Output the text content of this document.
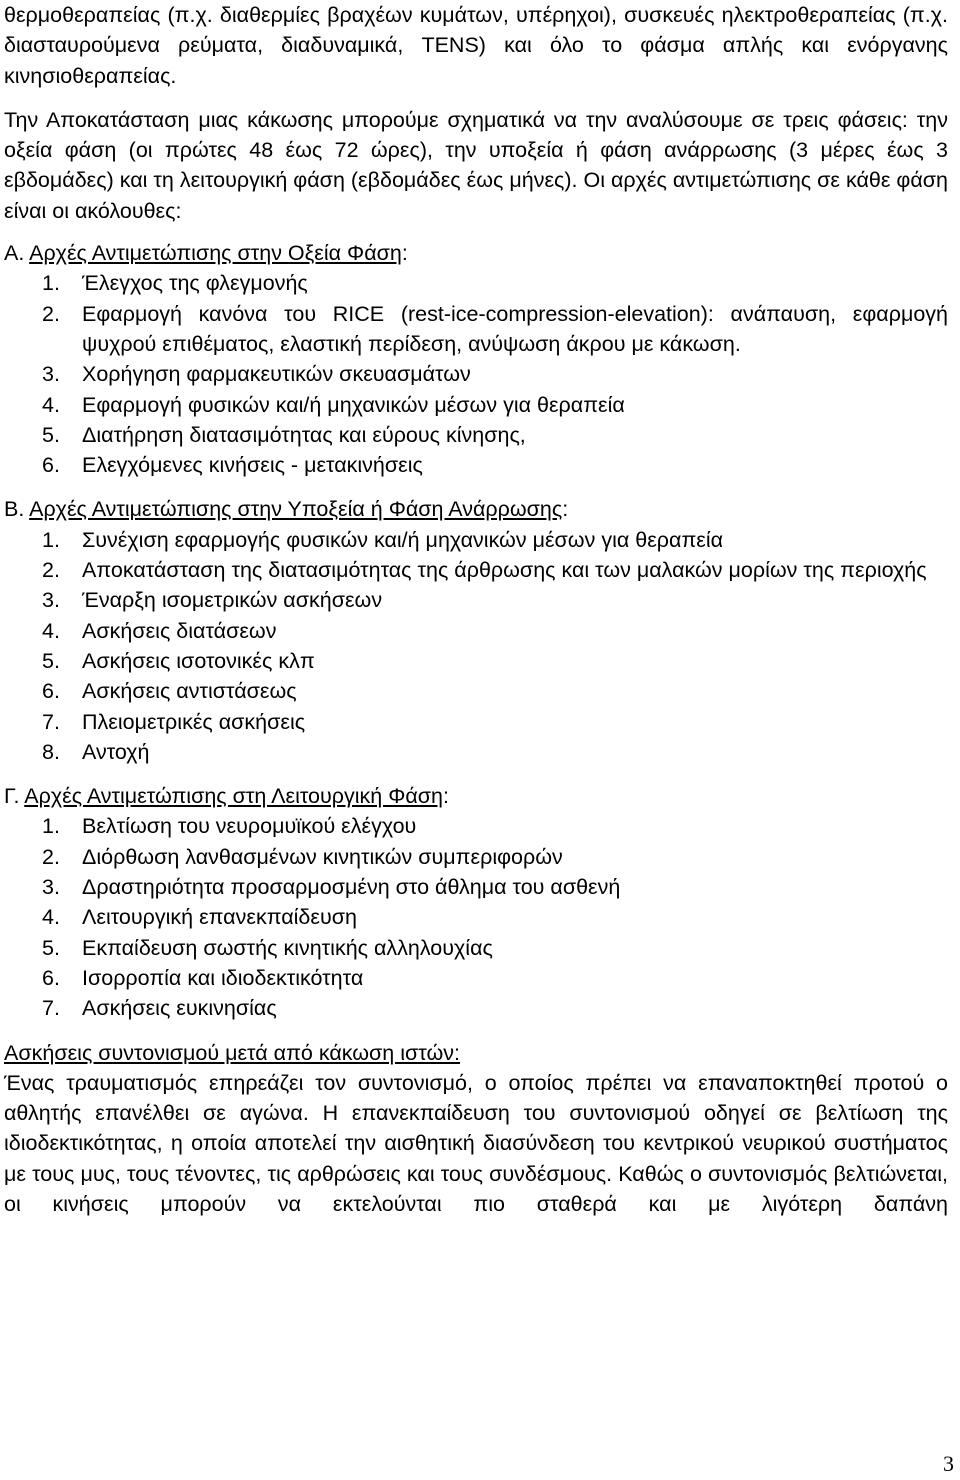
θερμοθεραπείας (π.χ. διαθερμίες βραχέων κυμάτων, υπέρηχοι), συσκευές ηλεκτροθεραπείας (π.χ. διασταυρούμενα ρεύματα, διαδυναμικά, TENS) και όλο το φάσμα απλής και ενόργανης κινησιοθεραπείας.

Την Αποκατάσταση μιας κάκωσης μπορούμε σχηματικά να την αναλύσουμε σε τρεις φάσεις: την οξεία φάση (οι πρώτες 48 έως 72 ώρες), την υποξεία ή φάση ανάρρωσης (3 μέρες έως 3 εβδομάδες) και τη λειτουργική φάση (εβδομάδες έως μήνες). Οι αρχές αντιμετώπισης σε κάθε φάση είναι οι ακόλουθες:

Α. Αρχές Αντιμετώπισης στην Οξεία Φάση:

1.	Έλεγχος της φλεγμονής
2.	Εφαρμογή κανόνα του RICE (rest-ice-compression-elevation): ανάπαυση, εφαρμογή ψυχρού επιθέματος, ελαστική περίδεση, ανύψωση άκρου με κάκωση.
3.	Χορήγηση φαρμακευτικών σκευασμάτων
4.	Εφαρμογή φυσικών και/ή μηχανικών μέσων για θεραπεία
5.	Διατήρηση διατασιμότητας και εύρους κίνησης,
6.	Ελεγχόμενες κινήσεις - μετακινήσεις

Β. Αρχές Αντιμετώπισης στην Υποξεία ή Φάση Ανάρρωσης:

1.	Συνέχιση εφαρμογής φυσικών και/ή μηχανικών μέσων για θεραπεία
2.	Αποκατάσταση της διατασιμότητας της άρθρωσης και των μαλακών μορίων της περιοχής
3.	Έναρξη ισομετρικών ασκήσεων
4.	Ασκήσεις διατάσεων
5.	Ασκήσεις ισοτονικές κλπ
6.	Ασκήσεις αντιστάσεως
7.	Πλειομετρικές ασκήσεις
8.	Αντοχή

Γ. Αρχές Αντιμετώπισης στη Λειτουργική Φάση:

1.	Βελτίωση του νευρομυϊκού ελέγχου
2.	Διόρθωση λανθασμένων κινητικών συμπεριφορών
3.	Δραστηριότητα προσαρμοσμένη στο άθλημα του ασθενή
4.	Λειτουργική επανεκπαίδευση
5.	Εκπαίδευση σωστής κινητικής αλληλουχίας
6.	Ισορροπία και ιδιοδεκτικότητα
7.	Ασκήσεις ευκινησίας

Ασκήσεις συντονισμού μετά από κάκωση ιστών:

Ένας τραυματισμός επηρεάζει τον συντονισμό, ο οποίος πρέπει να επαναποκτηθεί προτού ο αθλητής επανέλθει σε αγώνα. Η επανεκπαίδευση του συντονισμού οδηγεί σε βελτίωση της ιδιοδεκτικότητας, η οποία αποτελεί την αισθητική διασύνδεση του κεντρικού νευρικού συστήματος με τους μυς, τους τένοντες, τις αρθρώσεις και τους συνδέσμους. Καθώς ο συντονισμός βελτιώνεται, οι κινήσεις μπορούν να εκτελούνται πιο σταθερά και με λιγότερη δαπάνη

3
